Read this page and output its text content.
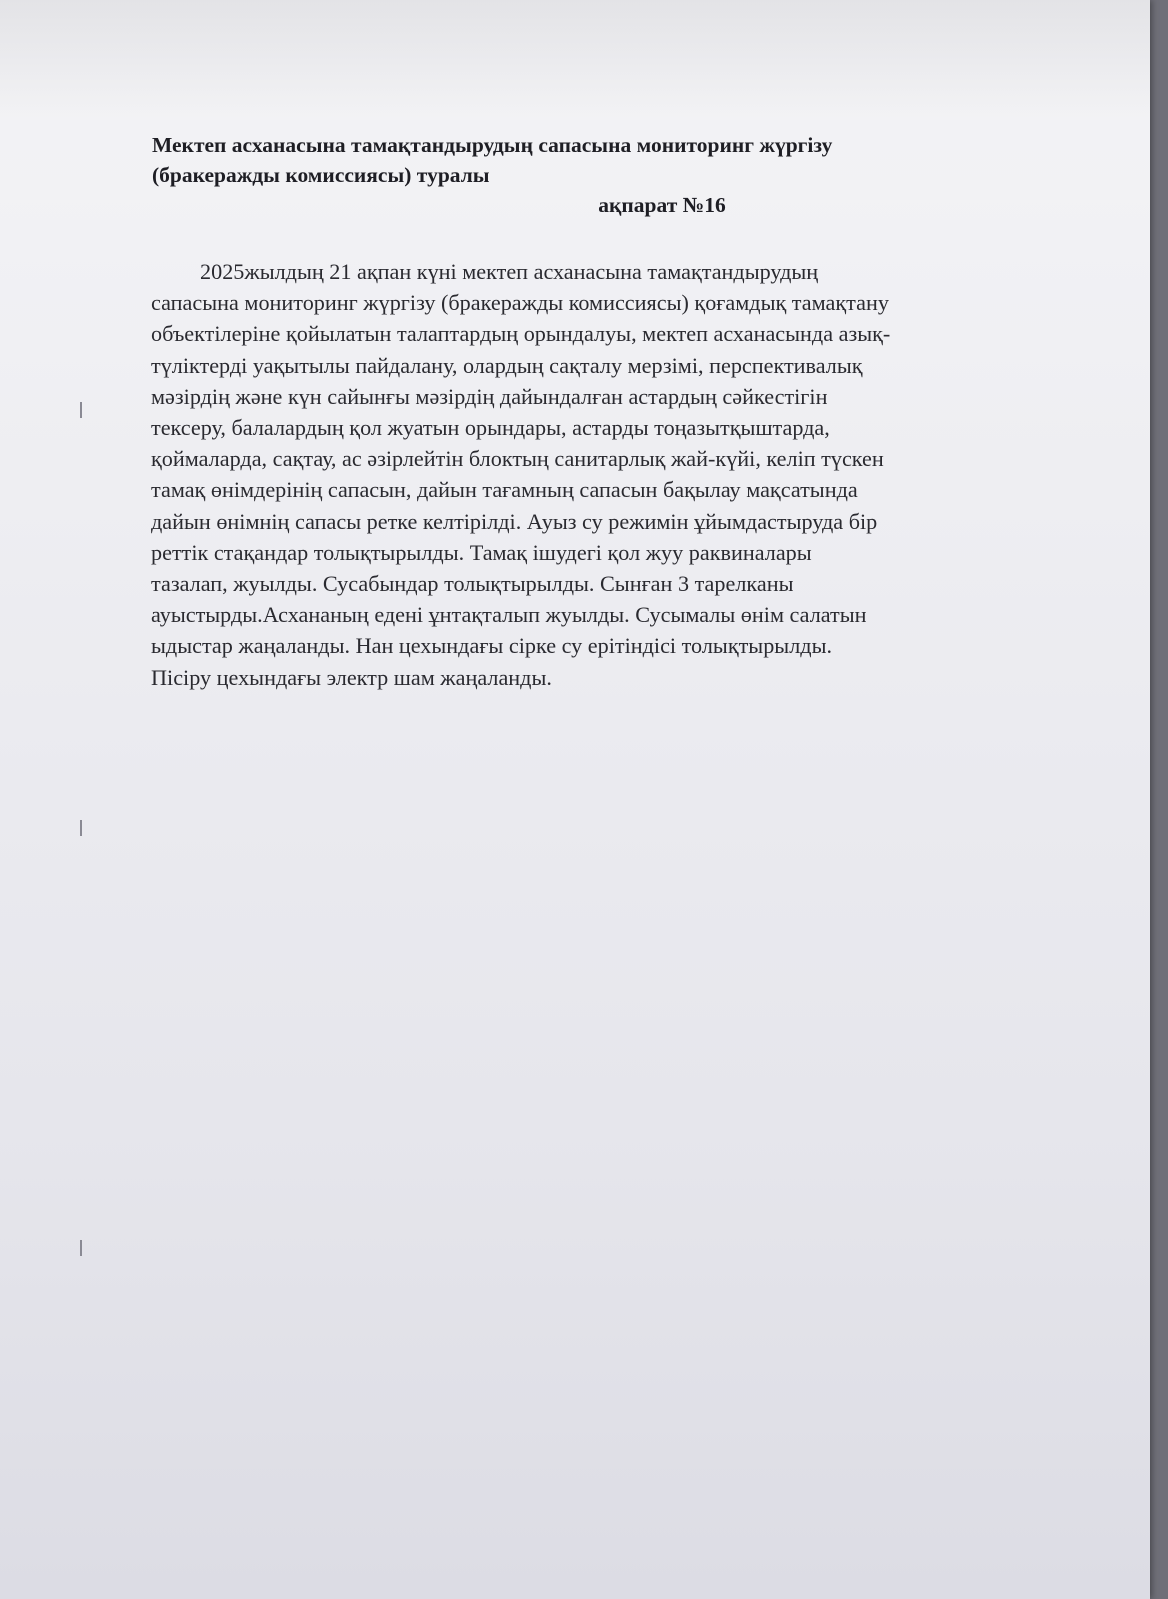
Мектеп асханасына тамақтандырудың сапасына мониторинг жүргізу
(бракеражды комиссиясы) туралы
ақпарат №16
2025жылдың 21 ақпан күні мектеп асханасына тамақтандырудың
сапасына мониторинг жүргізу (бракеражды комиссиясы) қоғамдық тамақтану
объектілеріне қойылатын талаптардың орындалуы, мектеп асханасында азық-
түліктерді уақытылы пайдалану, олардың сақталу мерзімі, перспективалық
мәзірдің және күн сайынғы мәзірдің дайындалған астардың сәйкестігін
тексеру, балалардың қол жуатын орындары, астарды тоңазытқыштарда,
қоймаларда, сақтау, ас әзірлейтін блоктың санитарлық жай-күйі, келіп түскен
тамақ өнімдерінің сапасын, дайын тағамның сапасын бақылау мақсатында
дайын өнімнің сапасы ретке келтірілді. Ауыз су режимін ұйымдастыруда бір
реттік стақандар толықтырылды. Тамақ ішудегі қол жуу раквиналары
тазалап, жуылды. Сусабындар толықтырылды. Сынған 3 тарелканы
ауыстырды.Асхананың едені ұнтақталып жуылды. Сусымалы өнім салатын
ыдыстар жаңаланды. Нан цехындағы сірке су ерітіндісі толықтырылды.
Пісіру цехындағы электр шам жаңаланды.
